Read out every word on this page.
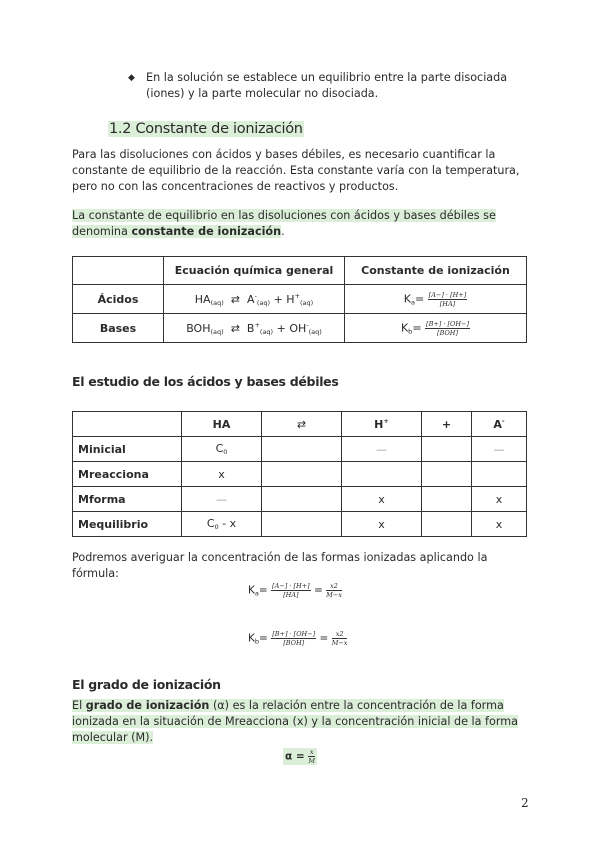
◆ En la solución se establece un equilibrio entre la parte disociada (iones) y la parte molecular no disociada.
1.2 Constante de ionización
Para las disoluciones con ácidos y bases débiles, es necesario cuantificar la constante de equilibrio de la reacción. Esta constante varía con la temperatura, pero no con las concentraciones de reactivos y productos.
La constante de equilibrio en las disoluciones con ácidos y bases débiles se denomina constante de ionización.
	Ecuación química general	Constante de ionización
Ácidos	$HA_{(aq)}$ ⇄ $A^-_{(aq)} + H^+_{(aq)}$	$K_a= \frac{[A-] \cdot [H+]}{[HA]}$

Bases	$BOH_{(aq)}$ ⇄ $B^+_{(aq)} + OH^-_{(aq)}$	$K_b= \frac{[B+] \cdot [OH-]}{\text{[BOH]}}$
El estudio de los ácidos y bases débiles
	HA	⇄	H+	+	A-
Minicial	$C_0$		—		—
Mreacciona	x				
Mforma	—		x		x
Mequilibrio	$C_0$ - x		x		x
Podremos averiguar la concentración de las formas ionizadas aplicando la fórmula:
$K_a= \frac{[A-] \cdot [H+]}{[HA]} = \frac{x2}{M-x}$
$K_b= \frac{[B+] \cdot [OH-]}{\text{[BOH]}} = \frac{x2}{M-x}$
El grado de ionización
El grado de ionización (α) es la relación entre la concentración de la forma ionizada en la situación de Mreacciona (x) y la concentración inicial de la forma molecular (M).
$\alpha = \frac{x}{M}$
2
